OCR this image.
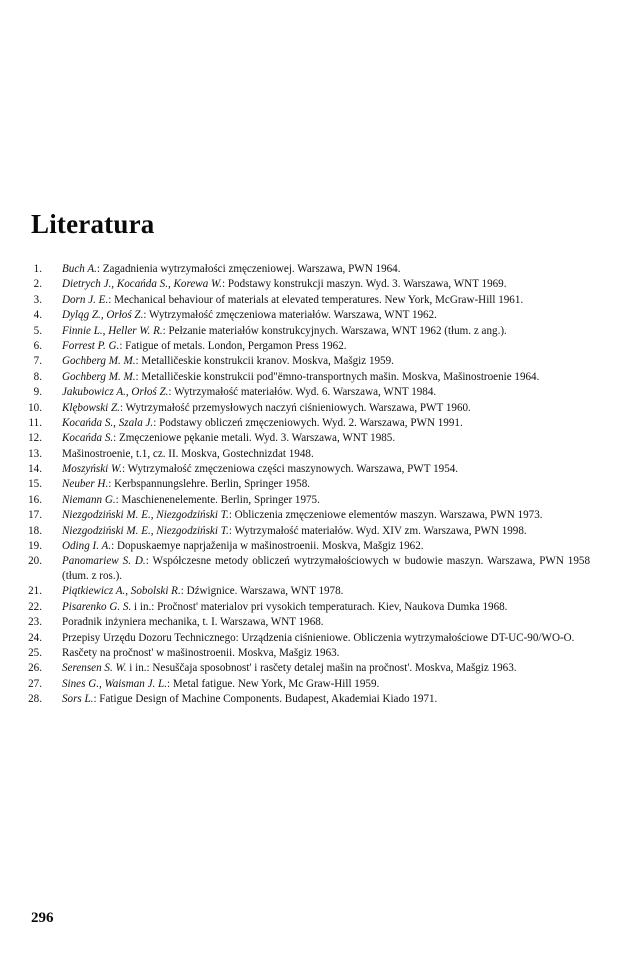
Literatura
1. Buch A.: Zagadnienia wytrzymałości zmęczeniowej. Warszawa, PWN 1964.
2. Dietrych J., Kocańda S., Korewa W.: Podstawy konstrukcji maszyn. Wyd. 3. Warszawa, WNT 1969.
3. Dorn J. E.: Mechanical behaviour of materials at elevated temperatures. New York, McGraw-Hill 1961.
4. Dyląg Z., Orłoś Z.: Wytrzymałość zmęczeniowa materiałów. Warszawa, WNT 1962.
5. Finnie L., Heller W. R.: Pełzanie materiałów konstrukcyjnych. Warszawa, WNT 1962 (tłum. z ang.).
6. Forrest P. G.: Fatigue of metals. London, Pergamon Press 1962.
7. Gochberg M. M.: Metalličeskie konstrukcii kranov. Moskva, Mašgiz 1959.
8. Gochberg M. M.: Metalličeskie konstrukcii pod"ëmno-transportnych mašin. Moskva, Mašinostroenie 1964.
9. Jakubowicz A., Orłoś Z.: Wytrzymałość materiałów. Wyd. 6. Warszawa, WNT 1984.
10. Klębowski Z.: Wytrzymałość przemysłowych naczyń ciśnieniowych. Warszawa, PWT 1960.
11. Kocańda S., Szala J.: Podstawy obliczeń zmęczeniowych. Wyd. 2. Warszawa, PWN 1991.
12. Kocańda S.: Zmęczeniowe pękanie metali. Wyd. 3. Warszawa, WNT 1985.
13. Mašinostroenie, t.1, cz. II. Moskva, Gostechnizdat 1948.
14. Moszyński W.: Wytrzymałość zmęczeniowa części maszynowych. Warszawa, PWT 1954.
15. Neuber H.: Kerbspannungslehre. Berlin, Springer 1958.
16. Niemann G.: Maschienenelemente. Berlin, Springer 1975.
17. Niezgodziński M. E., Niezgodziński T.: Obliczenia zmęczeniowe elementów maszyn. Warszawa, PWN 1973.
18. Niezgodziński M. E., Niezgodziński T.: Wytrzymałość materiałów. Wyd. XIV zm. Warszawa, PWN 1998.
19. Oding I. A.: Dopuskaemye naprjaženija w mašinostroenii. Moskva, Mašgiz 1962.
20. Panomariew S. D.: Współczesne metody obliczeń wytrzymałościowych w budowie maszyn. Warszawa, PWN 1958 (tłum. z ros.).
21. Piątkiewicz A., Sobolski R.: Dźwignice. Warszawa, WNT 1978.
22. Pisarenko G. S. i in.: Pročnost' materialov pri vysokich temperaturach. Kiev, Naukova Dumka 1968.
23. Poradnik inżyniera mechanika, t. I. Warszawa, WNT 1968.
24. Przepisy Urzędu Dozoru Technicznego: Urządzenia ciśnieniowe. Obliczenia wytrzymałościowe DT-UC-90/WO-O.
25. Rasčety na pročnost' w mašinostroenii. Moskva, Mašgiz 1963.
26. Serensen S. W. i in.: Nesuščaja sposobnost' i rasčety detalej mašin na pročnost'. Moskva, Mašgiz 1963.
27. Sines G., Waisman J. L.: Metal fatigue. New York, Mc Graw-Hill 1959.
28. Sors L.: Fatigue Design of Machine Components. Budapest, Akademiai Kiado 1971.
296
